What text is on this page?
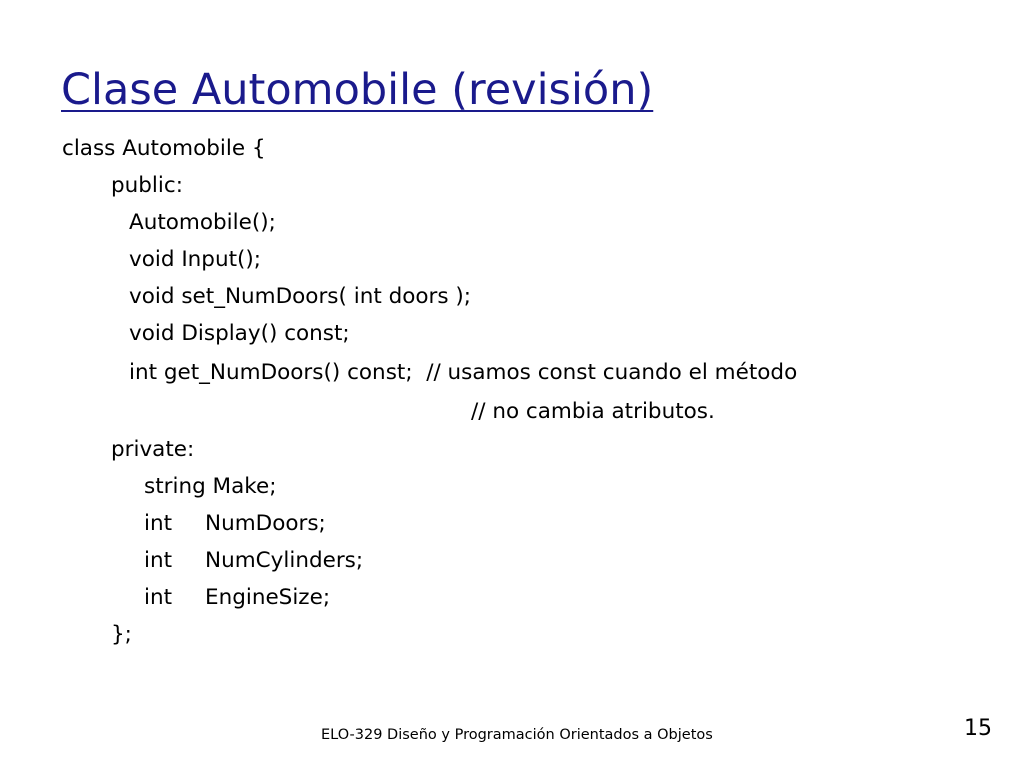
Clase Automobile (revisión)
class Automobile {
public:
Automobile();
void Input();
void set_NumDoors( int doors );
void Display() const;
int get_NumDoors() const;  // usamos const cuando el método
// no cambia atributos.
private:
string Make;

int

NumDoors;

int

NumCylinders;

int

EngineSize;

};
ELO-329 Diseño y Programación Orientados a Objetos	15
